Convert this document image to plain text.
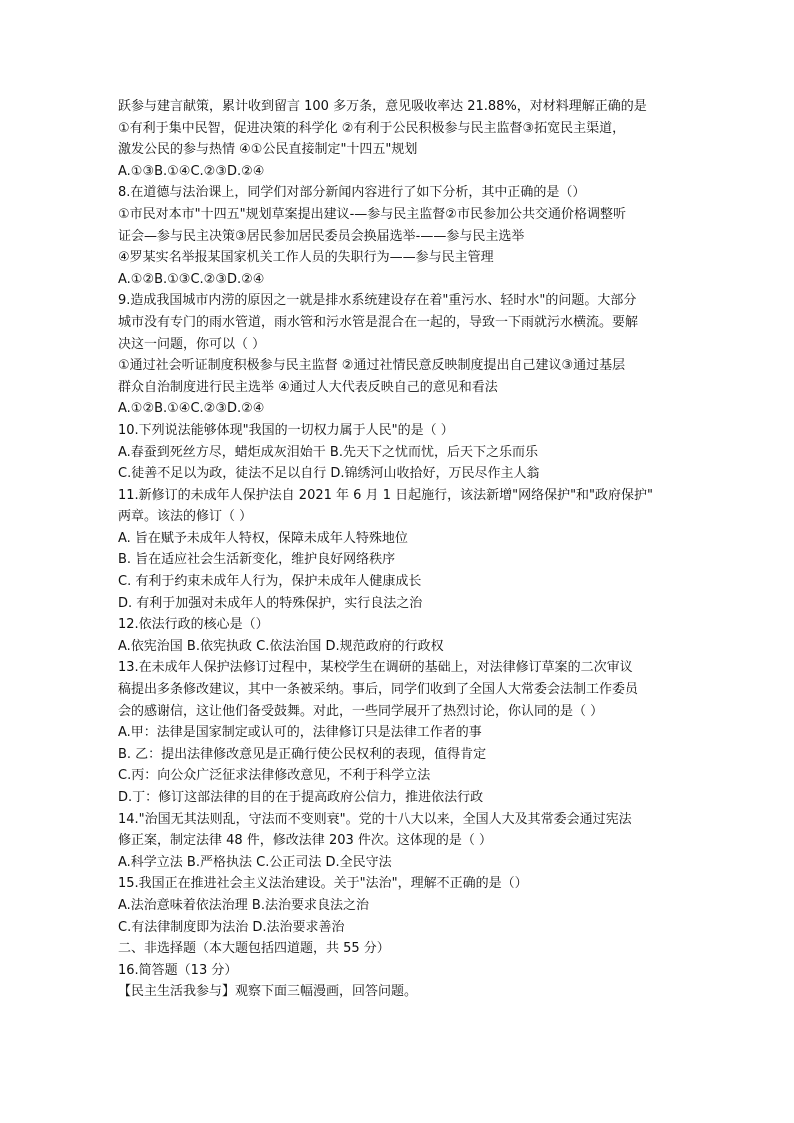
跃参与建言献策，累计收到留言 100 多万条，意见吸收率达 21.88%，对材料理解正确的是
①有利于集中民智，促进决策的科学化 ②有利于公民积极参与民主监督③拓宽民主渠道，
激发公民的参与热情 ④①公民直接制定"十四五"规划
A.①③B.①④C.②③D.②④
8.在道德与法治课上，同学们对部分新闻内容进行了如下分析，其中正确的是（）
①市民对本市"十四五"规划草案提出建议-—参与民主监督②市民参加公共交通价格调整听
证会—参与民主决策③居民参加居民委员会换届选举-——参与民主选举
④罗某实名举报某国家机关工作人员的失职行为——参与民主管理
A.①②B.①③C.②③D.②④
9.造成我国城市内涝的原因之一就是排水系统建设存在着"重污水、轻时水"的问题。大部分
城市没有专门的雨水管道，雨水管和污水管是混合在一起的，导致一下雨就污水横流。要解
决这一问题，你可以（ ）
①通过社会听证制度积极参与民主监督 ②通过社情民意反映制度提出自己建议③通过基层
群众自治制度进行民主选举 ④通过人大代表反映自己的意见和看法
A.①②B.①④C.②③D.②④
10.下列说法能够体现"我国的一切权力属于人民"的是（ ）
A.春蚕到死丝方尽，蜡炬成灰泪始干 B.先天下之忧而忧，后天下之乐而乐
C.徒善不足以为政，徒法不足以自行 D.锦绣河山收拾好，万民尽作主人翁
11.新修订的未成年人保护法自 2021 年 6 月 1 日起施行，该法新增"网络保护"和"政府保护"
两章。该法的修订（ ）
A. 旨在赋予未成年人特权，保障未成年人特殊地位
B. 旨在适应社会生活新变化，维护良好网络秩序
C. 有利于约束未成年人行为，保护未成年人健康成长
D. 有利于加强对未成年人的特殊保护，实行良法之治
12.依法行政的核心是（）
A.依宪治国 B.依宪执政 C.依法治国 D.规范政府的行政权
13.在未成年人保护法修订过程中，某校学生在调研的基础上，对法律修订草案的二次审议
稿提出多条修改建议，其中一条被采纳。事后，同学们收到了全国人大常委会法制工作委员
会的感谢信，这让他们备受鼓舞。对此，一些同学展开了热烈讨论，你认同的是（ ）
A.甲：法律是国家制定或认可的，法律修订只是法律工作者的事
B. 乙：提出法律修改意见是正确行使公民权利的表现，值得肯定
C.丙：向公众广泛征求法律修改意见，不利于科学立法
D.丁：修订这部法律的目的在于提高政府公信力，推进依法行政
14."治国无其法则乱，守法而不变则衰"。党的十八大以来，全国人大及其常委会通过宪法
修正案，制定法律 48 件，修改法律 203 件次。这体现的是（ ）
A.科学立法 B.严格执法 C.公正司法 D.全民守法
15.我国正在推进社会主义法治建设。关于"法治"，理解不正确的是（）
A.法治意味着依法治理 B.法治要求良法之治
C.有法律制度即为法治 D.法治要求善治
二、非选择题（本大题包括四道题，共 55 分）
16.简答题（13 分）
【民主生活我参与】观察下面三幅漫画，回答问题。
